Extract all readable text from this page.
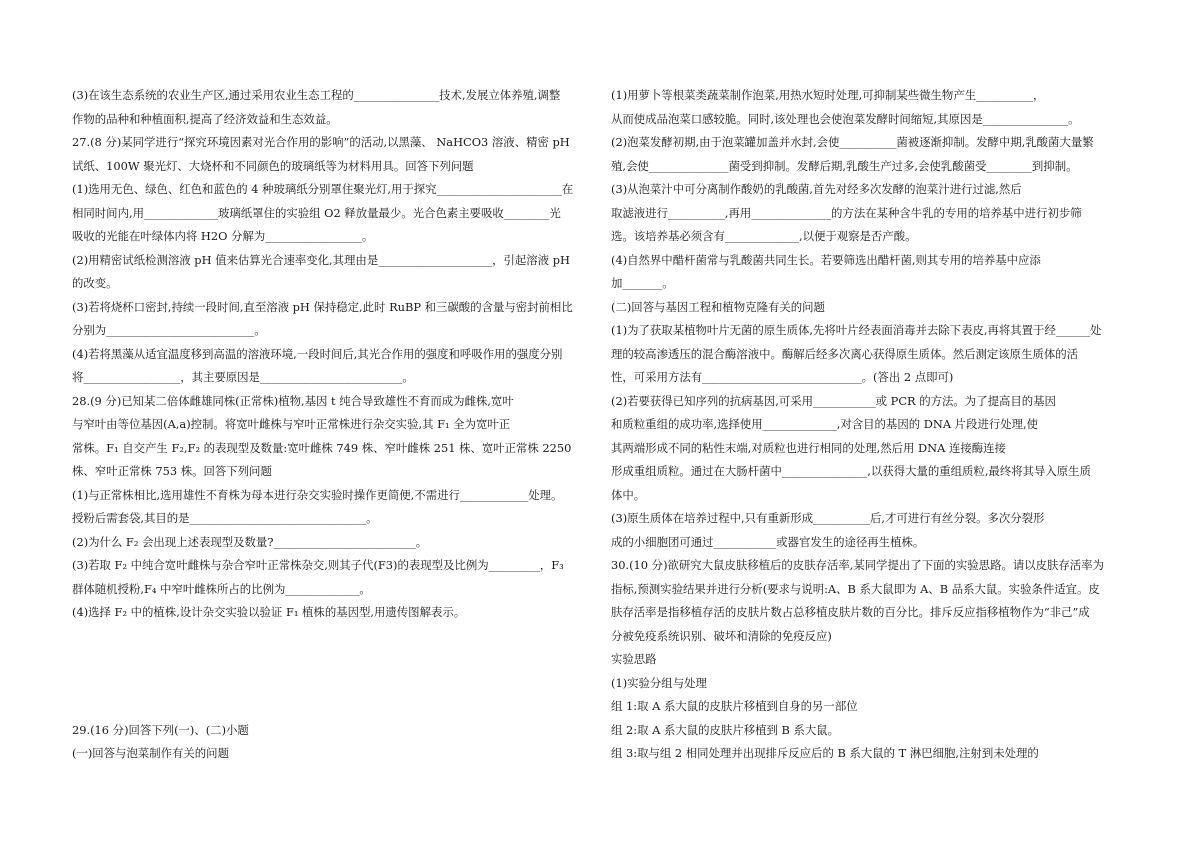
(3)在该生态系统的农业生产区,通过采用农业生态工程的_______________技术,发展立体养殖,调整
作物的品种和种植面积,提高了经济效益和生态效益。
27.(8 分)某同学进行“探究环境因素对光合作用的影响”的活动,以黑藻、 NaHCO3 溶液、精密 pH
试纸、100W 聚光灯、大烧杯和不同颜色的玻璃纸等为材料用具。回答下列问题
(1)选用无色、绿色、红色和蓝色的 4 种玻璃纸分别罩住聚光灯,用于探究______________________在
相同时间内,用_____________玻璃纸罩住的实验组 O2 释放量最少。光合色素主要吸收________光
吸收的光能在叶绿体内将 H2O 分解为_________________。
(2)用精密试纸检测溶液 pH 值来估算光合速率变化,其理由是____________________，引起溶液 pH
的改变。
(3)若将烧杯口密封,持续一段时间,直至溶液 pH 保持稳定,此时 RuBP 和三碳酸的含量与密封前相比
分别为__________________________。
(4)若将黑藻从适宜温度移到高温的溶液环境,一段时间后,其光合作用的强度和呼吸作用的强度分别
将_________________，其主要原因是_________________________。
28.(9 分)已知某二倍体雌雄同株(正常株)植物,基因 t 纯合导致雄性不育而成为雌株,宽叶
与窄叶由等位基因(A,a)控制。将宽叶雌株与窄叶正常株进行杂交实验,其 F₁ 全为宽叶正
常株。F₁ 自交产生 F₂,F₂ 的表现型及数量:宽叶雌株 749 株、窄叶雌株 251 株、宽叶正常株 2250
株、窄叶正常株 753 株。回答下列问题
(1)与正常株相比,选用雄性不育株为母本进行杂交实验时操作更简便,不需进行____________处理。
授粉后需套袋,其目的是_______________________________。
(2)为什么 F₂ 会出现上述表现型及数量?_________________________。
(3)若取 F₂ 中纯合宽叶雌株与杂合窄叶正常株杂交,则其子代(F3)的表现型及比例为_________，F₃
群体随机授粉,F₄ 中窄叶雌株所占的比例为_____________。
(4)选择 F₂ 中的植株,设计杂交实验以验证 F₁ 植株的基因型,用遗传图解表示。
29.(16 分)回答下列(一)、(二)小题
(一)回答与泡菜制作有关的问题
(1)用萝卜等根菜类蔬菜制作泡菜,用热水短时处理,可抑制某些微生物产生__________，
从而使成品泡菜口感较脆。同时,该处理也会使泡菜发酵时间缩短,其原因是_______________。
(2)泡菜发酵初期,由于泡菜罐加盖并水封,会使__________菌被逐渐抑制。发酵中期,乳酸菌大量繁
殖,会使______________菌受到抑制。发酵后期,乳酸生产过多,会使乳酸菌受________到抑制。
(3)从泡菜汁中可分离制作酸奶的乳酸菌,首先对经多次发酵的泡菜汁进行过滤,然后
取滤液进行__________,再用______________的方法在某种含牛乳的专用的培养基中进行初步筛
选。该培养基必须含有_____________,以便于观察是否产酸。
(4)自然界中醋杆菌常与乳酸菌共同生长。若要筛选出醋杆菌,则其专用的培养基中应添
加_______。
(二)回答与基因工程和植物克隆有关的问题
(1)为了获取某植物叶片无菌的原生质体,先将叶片经表面消毒并去除下表皮,再将其置于经______处
理的较高渗透压的混合酶溶液中。酶解后经多次离心获得原生质体。然后测定该原生质体的活
性，可采用方法有____________________________。(答出 2 点即可)
(2)若要获得已知序列的抗病基因,可采用___________或 PCR 的方法。为了提高目的基因
和质粒重组的成功率,选择使用_____________,对含目的基因的 DNA 片段进行处理,使
其两端形成不同的粘性末端,对质粒也进行相同的处理,然后用 DNA 连接酶连接
形成重组质粒。通过在大肠杆菌中_______________,以获得大量的重组质粒,最终将其导入原生质
体中。
(3)原生质体在培养过程中,只有重新形成__________后,才可进行有丝分裂。多次分裂形
成的小细胞团可通过___________或器官发生的途径再生植株。
30.(10 分)欲研究大鼠皮肤移植后的皮肤存活率,某同学提出了下面的实验思路。请以皮肤存活率为
指标,预测实验结果并进行分析(要求与说明:A、B 系大鼠即为 A、B 品系大鼠。实验条件适宜。皮
肤存活率是指移植存活的皮肤片数占总移植皮肤片数的百分比。排斥反应指移植物作为“非己”成
分被免疫系统识别、破坏和清除的免疫反应)
实验思路
(1)实验分组与处理
组 1:取 A 系大鼠的皮肤片移植到自身的另一部位
组 2:取 A 系大鼠的皮肤片移植到 B 系大鼠。
组 3:取与组 2 相同处理并出现排斥反应后的 B 系大鼠的 T 淋巴细胞,注射到未处理的
